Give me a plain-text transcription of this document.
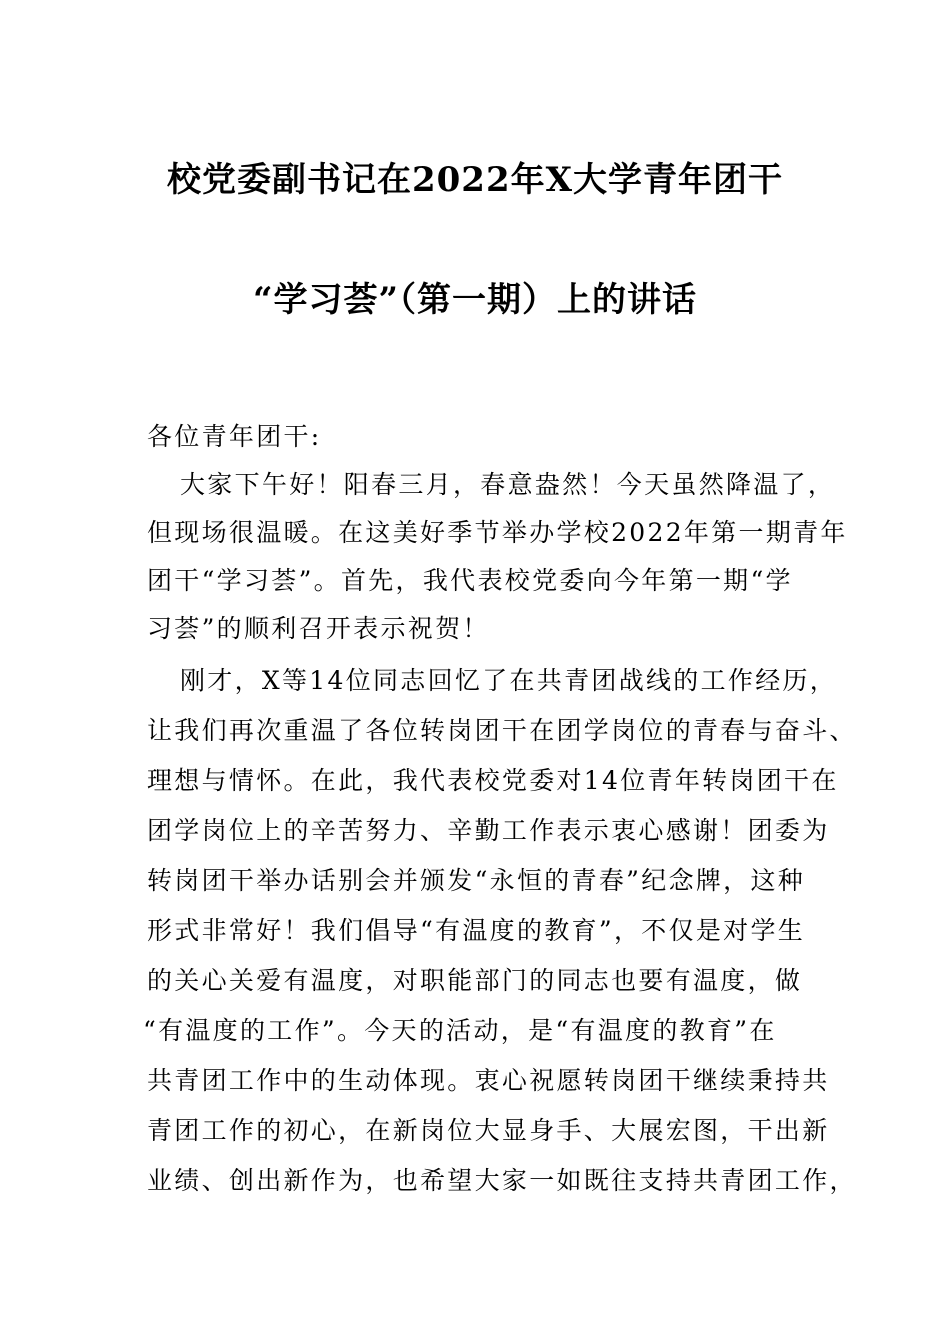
校党委副书记在2022年X大学青年团干
“学习荟”（第一期）上的讲话
各位青年团干:
大家下午好！阳春三月，春意盎然！今天虽然降温了，
但现场很温暖。在这美好季节举办学校2022年第一期青年
团干“学习荟”。首先，我代表校党委向今年第一期“学
习荟”的顺利召开表示祝贺！
刚才，X等14位同志回忆了在共青团战线的工作经历，
让我们再次重温了各位转岗团干在团学岗位的青春与奋斗、
理想与情怀。在此，我代表校党委对14位青年转岗团干在
团学岗位上的辛苦努力、辛勤工作表示衷心感谢！团委为
转岗团干举办话别会并颁发“永恒的青春”纪念牌，这种
形式非常好！我们倡导“有温度的教育”，不仅是对学生
的关心关爱有温度，对职能部门的同志也要有温度，做
“有温度的工作”。今天的活动，是“有温度的教育”在
共青团工作中的生动体现。衷心祝愿转岗团干继续秉持共
青团工作的初心，在新岗位大显身手、大展宏图，干出新
业绩、创出新作为，也希望大家一如既往支持共青团工作，
